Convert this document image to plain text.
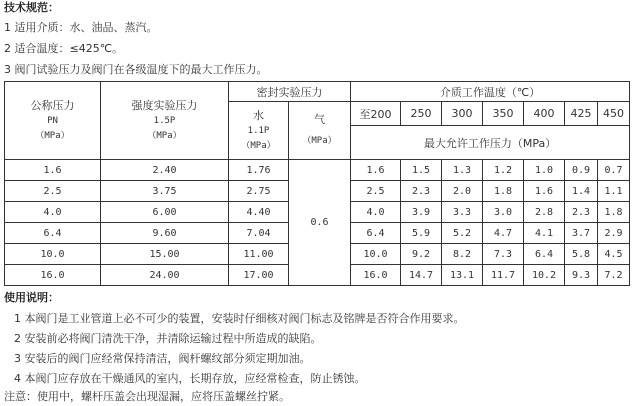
技术规范：
1 适用介质：水、油品、蒸汽。
2 适合温度：≤425℃。
3 阀门试验压力及阀门在各级温度下的最大工作压力。
公称压力
PN
（MPa）	强度实验压力
1.5P
（MPa）	密封实验压力		介质工作温度（℃）						

		水
1.1P
（MPa）	气
（MPa）	至200	250	300	350	400	425	450
				最大允许工作压力（MPa）						
1.6	2.40	1.76	0.6	1.6	1.5	1.3	1.2	1.0	0.9	0.7
2.5	3.75	2.75		2.5	2.3	2.0	1.8	1.6	1.4	1.1
4.0	6.00	4.40		4.0	3.9	3.3	3.0	2.8	2.3	1.8
6.4	9.60	7.04		6.4	5.9	5.2	4.7	4.1	3.7	2.9
10.0	15.00	11.00		10.0	9.2	8.2	7.3	6.4	5.8	4.5
16.0	24.00	17.00		16.0	14.7	13.1	11.7	10.2	9.3	7.2
使用说明：
1 本阀门是工业管道上必不可少的装置，安装时仔细核对阀门标志及铭牌是否符合作用要求。
2 安装前必将阀门清洗干净，并清除运输过程中所造成的缺陷。
3 安装后的阀门应经常保持清洁，阀杆螺纹部分须定期加油。
4 本阀门应存放在干燥通风的室内，长期存放，应经常检查，防止锈蚀。
注意：使用中，螺杆压盖会出现湿漏，应将压盖螺丝拧紧。
